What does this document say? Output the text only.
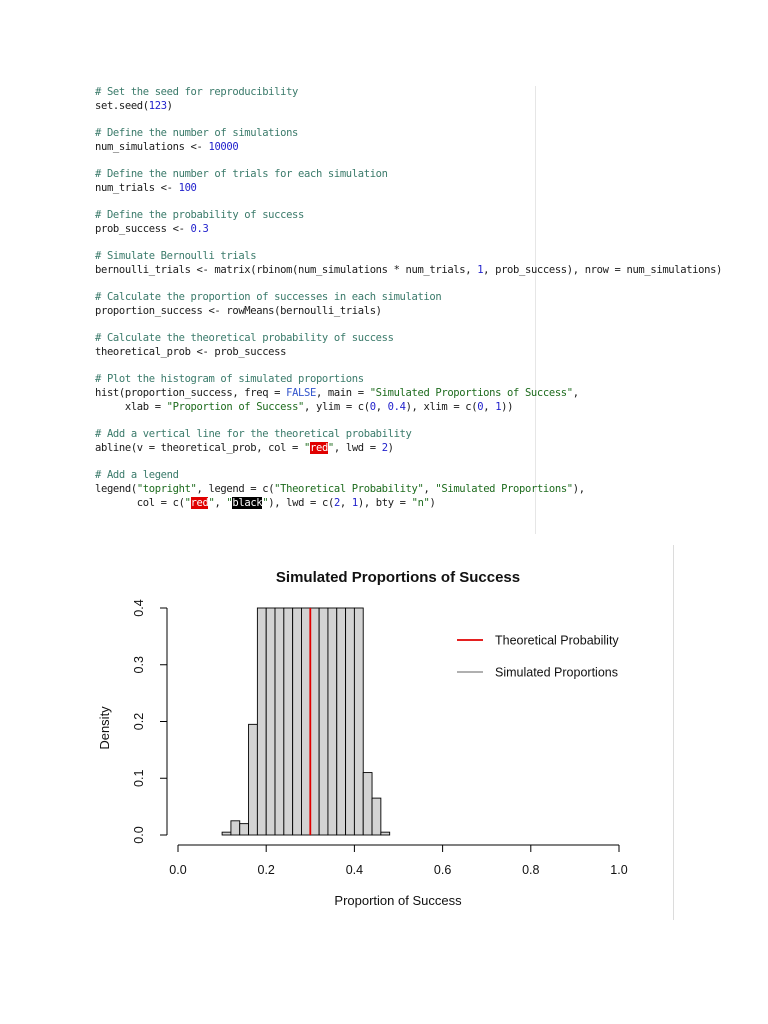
# Set the seed for reproducibility
set.seed(123)
# Define the number of simulations
num_simulations <- 10000
# Define the number of trials for each simulation
num_trials <- 100
# Define the probability of success
prob_success <- 0.3
# Simulate Bernoulli trials
bernoulli_trials <- matrix(rbinom(num_simulations * num_trials, 1, prob_success), nrow = num_simulations)
# Calculate the proportion of successes in each simulation
proportion_success <- rowMeans(bernoulli_trials)
# Calculate the theoretical probability of success
theoretical_prob <- prob_success
# Plot the histogram of simulated proportions
hist(proportion_success, freq = FALSE, main = "Simulated Proportions of Success",
xlab = "Proportion of Success", ylim = c(0, 0.4), xlim = c(0, 1))
# Add a vertical line for the theoretical probability
abline(v = theoretical_prob, col = "red", lwd = 2)
# Add a legend
legend("topright", legend = c("Theoretical Probability", "Simulated Proportions"),
col = c("red", "black"), lwd = c(2, 1), bty = "n")
Simulated Proportions of Success
0.0	0.2	0.4	0.6	0.8	1.0
0.0
0.1
0.2
0.3
0.4
Proportion of Success
Density
Theoretical Probability
Simulated Proportions
